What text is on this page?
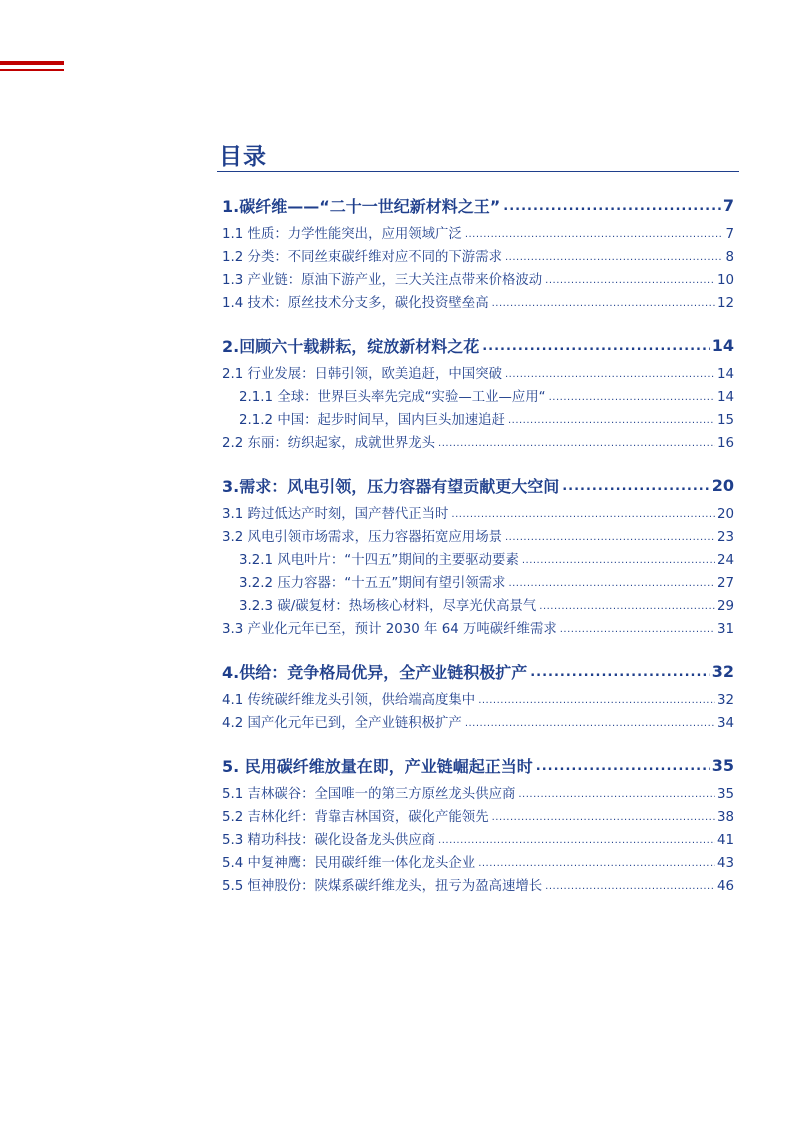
目录
1.碳纤维——“二十一世纪新材料之王” .....	7
1.1 性质：力学性能突出，应用领域广泛 .....	7
1.2 分类：不同丝束碳纤维对应不同的下游需求 .....	8
1.3 产业链：原油下游产业，三大关注点带来价格波动 .....	10
1.4 技术：原丝技术分支多，碳化投资壁垒高 .....	12
2.回顾六十载耕耘，绽放新材料之花 .....	14
2.1 行业发展：日韩引领，欧美追赶，中国突破 .....	14
2.1.1 全球：世界巨头率先完成“实验—工业—应用“ .....	14
2.1.2 中国：起步时间早，国内巨头加速追赶 .....	15
2.2 东丽：纺织起家，成就世界龙头 .....	16
3.需求：风电引领，压力容器有望贡献更大空间 .....	20
3.1 跨过低达产时刻，国产替代正当时 .....	20
3.2 风电引领市场需求，压力容器拓宽应用场景 .....	23
3.2.1 风电叶片：“十四五”期间的主要驱动要素 .....	24
3.2.2 压力容器：“十五五”期间有望引领需求 .....	27
3.2.3 碳/碳复材：热场核心材料，尽享光伏高景气 .....	29
3.3 产业化元年已至，预计 2030 年 64 万吨碳纤维需求 .....	31
4.供给：竞争格局优异，全产业链积极扩产 .....	32
4.1 传统碳纤维龙头引领，供给端高度集中 .....	32
4.2 国产化元年已到，全产业链积极扩产 .....	34
5. 民用碳纤维放量在即，产业链崛起正当时 .....	35
5.1 吉林碳谷：全国唯一的第三方原丝龙头供应商 .....	35
5.2 吉林化纤：背靠吉林国资，碳化产能领先 .....	38
5.3 精功科技：碳化设备龙头供应商 .....	41
5.4 中复神鹰：民用碳纤维一体化龙头企业 .....	43
5.5 恒神股份：陕煤系碳纤维龙头，扭亏为盈高速增长 .....	46
